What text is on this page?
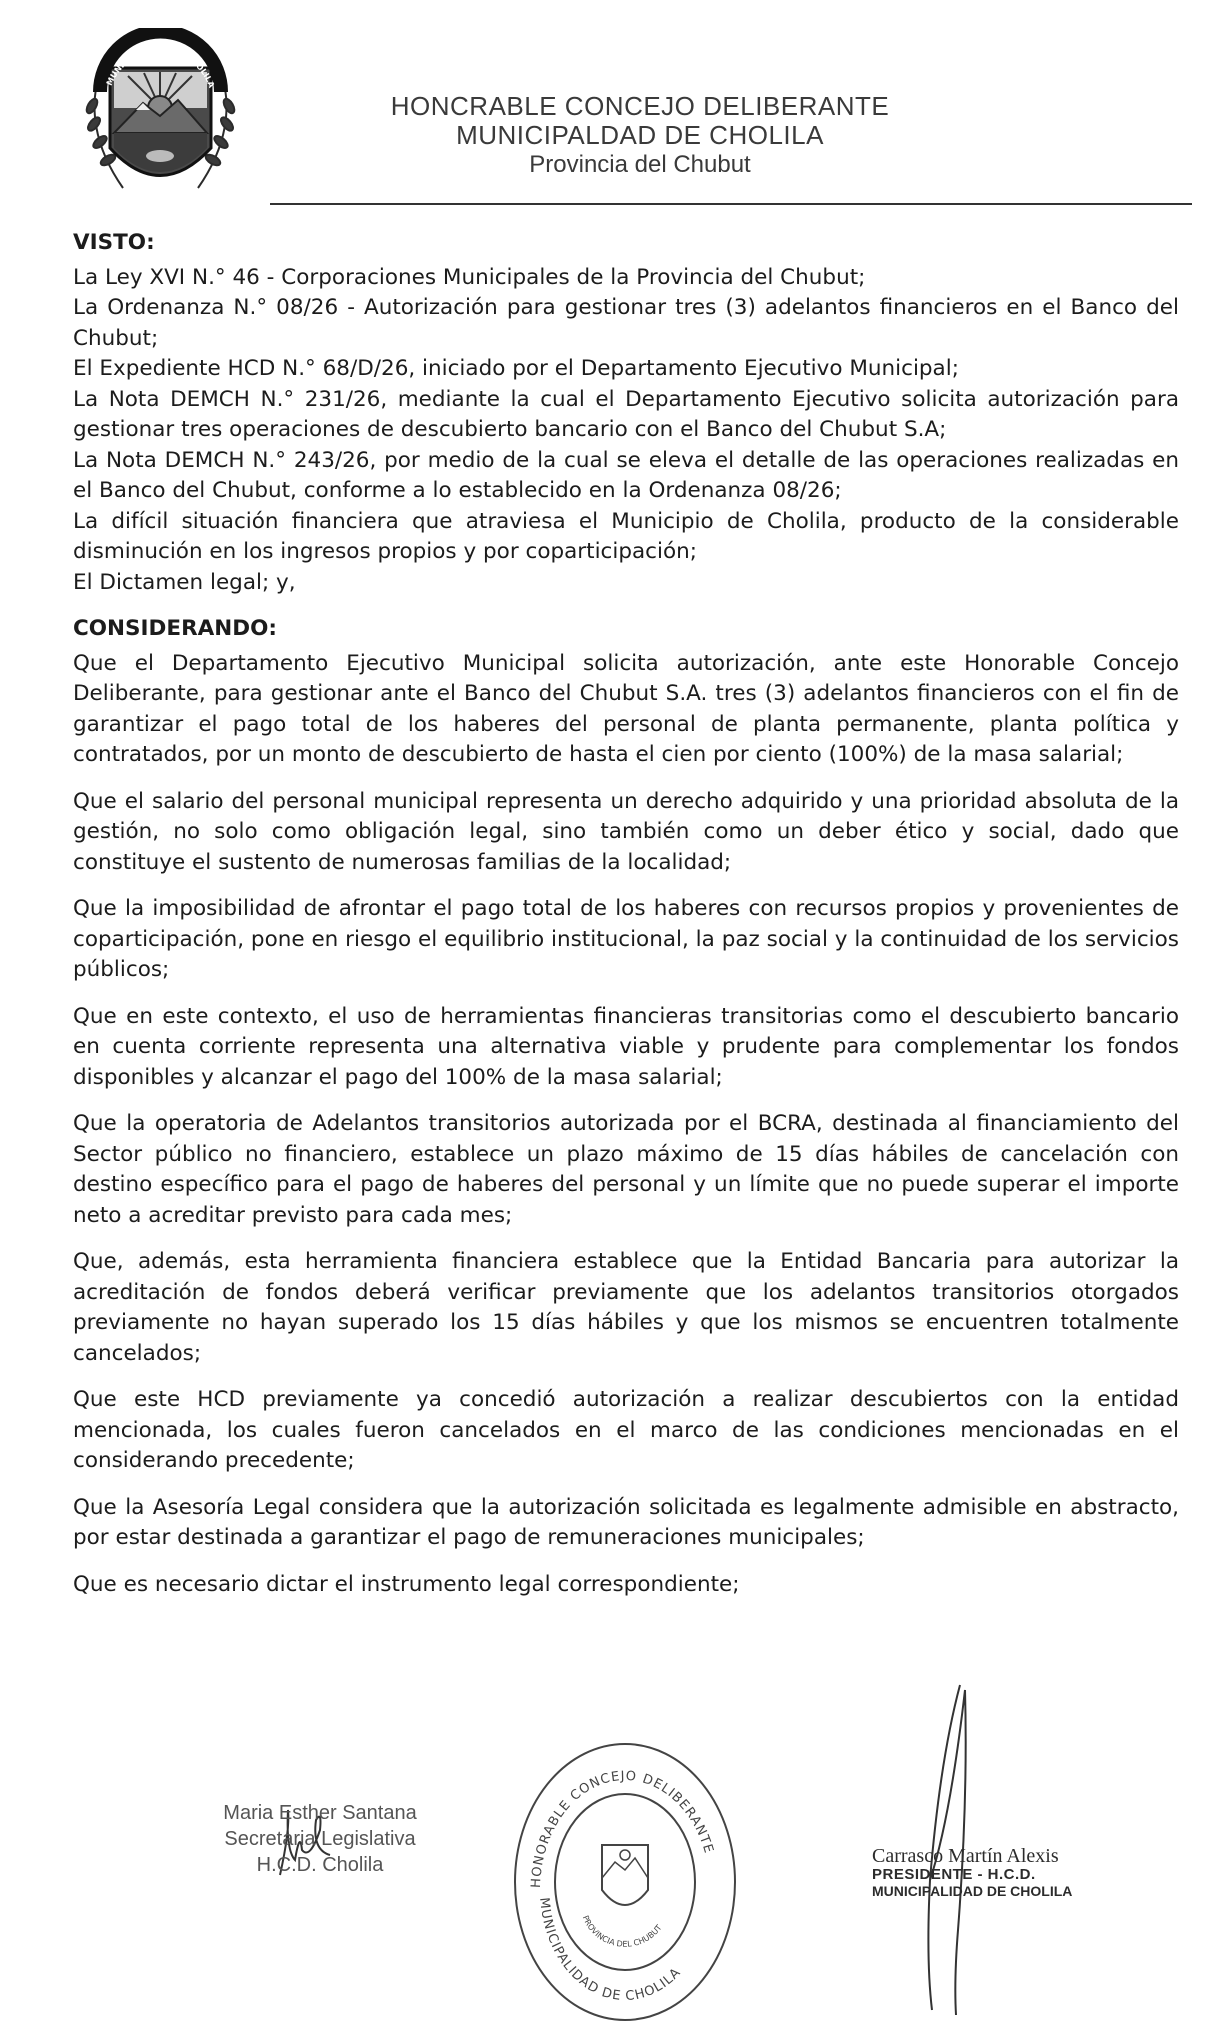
MUNICIPALIDAD DE CHOLILA
HONCRABLE CONCEJO DELIBERANTE
MUNICIPALDAD DE CHOLILA
Provincia del Chubut
VISTO:

La Ley XVI N.° 46 - Corporaciones Municipales de la Provincia del Chubut;

La Ordenanza N.° 08/26 - Autorización para gestionar tres (3) adelantos financieros en el Banco del Chubut;

El Expediente HCD N.° 68/D/26, iniciado por el Departamento Ejecutivo Municipal;

La Nota DEMCH N.° 231/26, mediante la cual el Departamento Ejecutivo solicita autorización para gestionar tres operaciones de descubierto bancario con el Banco del Chubut S.A;

La Nota DEMCH N.° 243/26, por medio de la cual se eleva el detalle de las operaciones realizadas en el Banco del Chubut, conforme a lo establecido en la Ordenanza 08/26;

La difícil situación financiera que atraviesa el Municipio de Cholila, producto de la considerable disminución en los ingresos propios y por coparticipación;

El Dictamen legal; y,

CONSIDERANDO:

Que el Departamento Ejecutivo Municipal solicita autorización, ante este Honorable Concejo Deliberante, para gestionar ante el Banco del Chubut S.A. tres (3) adelantos financieros con el fin de garantizar el pago total de los haberes del personal de planta permanente, planta política y contratados, por un monto de descubierto de hasta el cien por ciento (100%) de la masa salarial;

Que el salario del personal municipal representa un derecho adquirido y una prioridad absoluta de la gestión, no solo como obligación legal, sino también como un deber ético y social, dado que constituye el sustento de numerosas familias de la localidad;

Que la imposibilidad de afrontar el pago total de los haberes con recursos propios y provenientes de coparticipación, pone en riesgo el equilibrio institucional, la paz social y la continuidad de los servicios públicos;

Que en este contexto, el uso de herramientas financieras transitorias como el descubierto bancario en cuenta corriente representa una alternativa viable y prudente para complementar los fondos disponibles y alcanzar el pago del 100% de la masa salarial;

Que la operatoria de Adelantos transitorios autorizada por el BCRA, destinada al financiamiento del Sector público no financiero, establece un plazo máximo de 15 días hábiles de cancelación con destino específico para el pago de haberes del personal y un límite que no puede superar el importe neto a acreditar previsto para cada mes;

Que, además, esta herramienta financiera establece que la Entidad Bancaria para autorizar la acreditación de fondos deberá verificar previamente que los adelantos transitorios otorgados previamente no hayan superado los 15 días hábiles y que los mismos se encuentren totalmente cancelados;

Que este HCD previamente ya concedió autorización a realizar descubiertos con la entidad mencionada, los cuales fueron cancelados en el marco de las condiciones mencionadas en el considerando precedente;

Que la Asesoría Legal considera que la autorización solicitada es legalmente admisible en abstracto, por estar destinada a garantizar el pago de remuneraciones municipales;

Que es necesario dictar el instrumento legal correspondiente;

Maria Esther Santana
Secretaria Legislativa
H.C.D. Cholila
HONORABLE CONCEJO DELIBERANTE
MUNICIPALIDAD DE CHOLILA
PROVINCIA DEL CHUBUT
Carrasco Martín Alexis
PRESIDENTE - H.C.D.
MUNICIPALIDAD DE CHOLILA
